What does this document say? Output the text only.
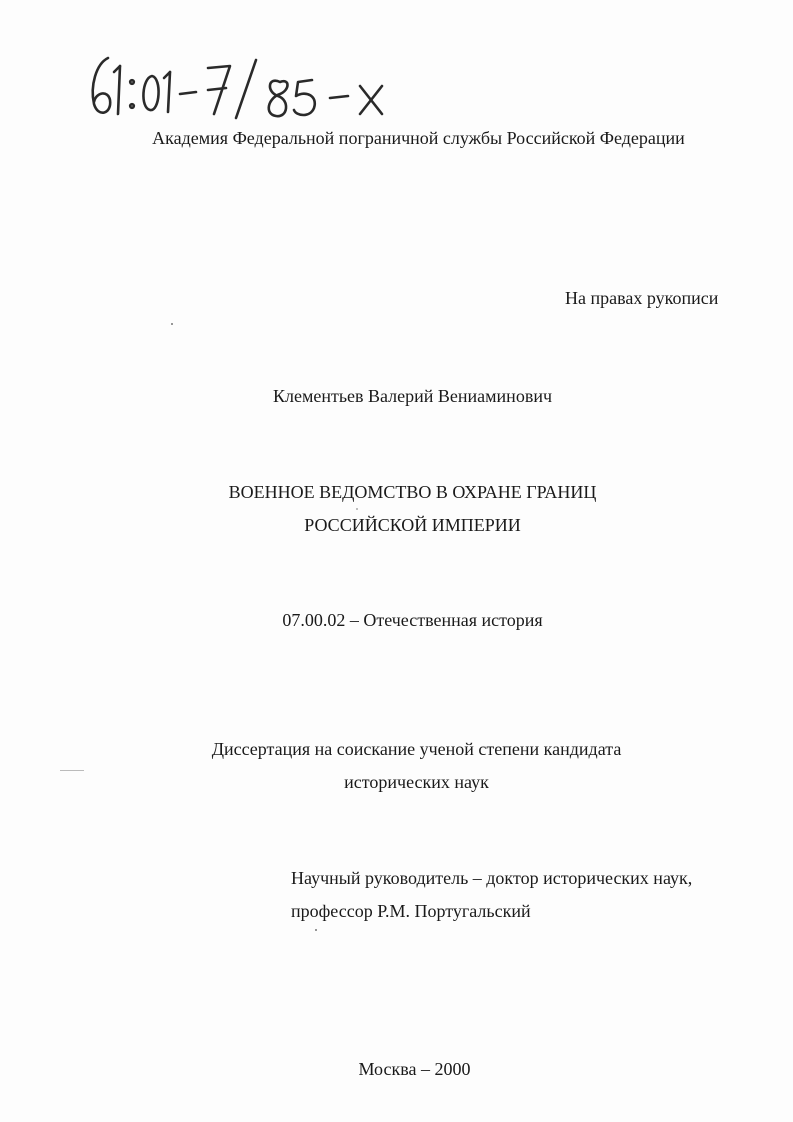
Академия Федеральной пограничной службы Российской Федерации
На правах рукописи
Клементьев Валерий Вениаминович
ВОЕННОЕ ВЕДОМСТВО В ОХРАНЕ ГРАНИЦ
РОССИЙСКОЙ ИМПЕРИИ
07.00.02 – Отечественная история
Диссертация на соискание ученой степени кандидата
исторических наук
Научный руководитель – доктор исторических наук,
профессор Р.М. Португальский
Москва – 2000
